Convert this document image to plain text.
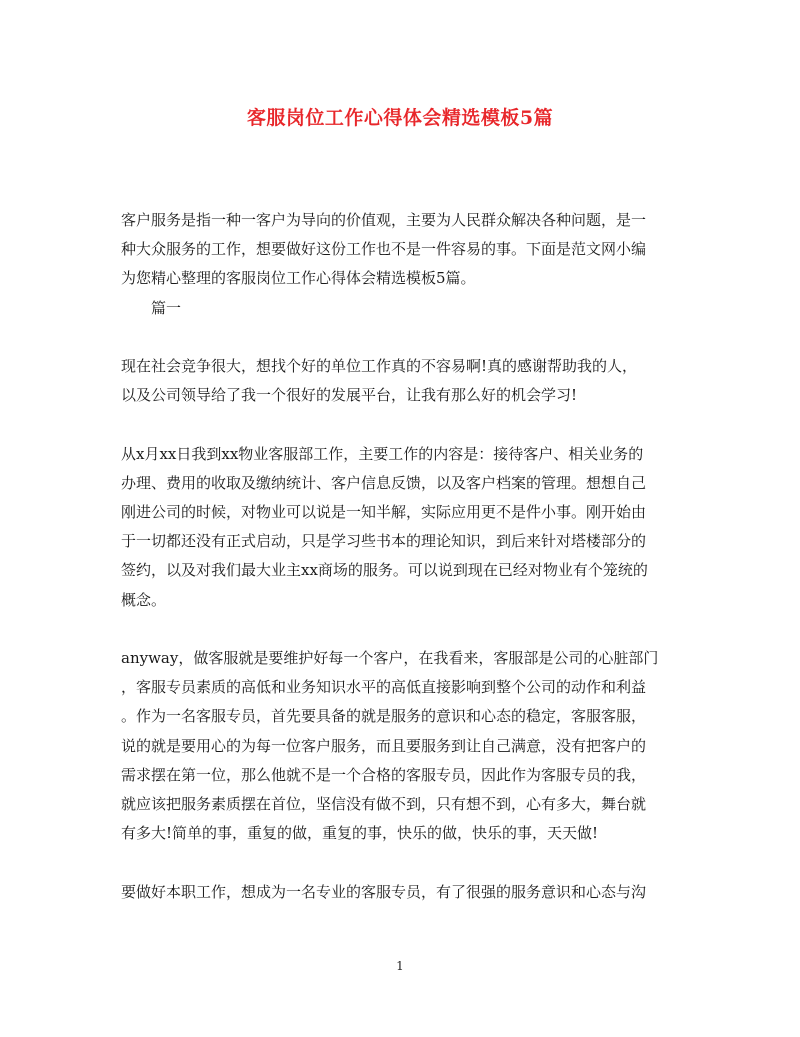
客服岗位工作心得体会精选模板5篇

客户服务是指一种一客户为导向的价值观，主要为人民群众解决各种问题，是一
种大众服务的工作，想要做好这份工作也不是一件容易的事。下面是范文网小编
为您精心整理的客服岗位工作心得体会精选模板5篇。

篇一

现在社会竞争很大，想找个好的单位工作真的不容易啊!真的感谢帮助我的人，
以及公司领导给了我一个很好的发展平台，让我有那么好的机会学习!

从x月xx日我到xx物业客服部工作，主要工作的内容是：接待客户、相关业务的
办理、费用的收取及缴纳统计、客户信息反馈，以及客户档案的管理。想想自己
刚进公司的时候，对物业可以说是一知半解，实际应用更不是件小事。刚开始由
于一切都还没有正式启动，只是学习些书本的理论知识，到后来针对塔楼部分的
签约，以及对我们最大业主xx商场的服务。可以说到现在已经对物业有个笼统的
概念。

anyway，做客服就是要维护好每一个客户，在我看来，客服部是公司的心脏部门
，客服专员素质的高低和业务知识水平的高低直接影响到整个公司的动作和利益
。作为一名客服专员，首先要具备的就是服务的意识和心态的稳定，客服客服，
说的就是要用心的为每一位客户服务，而且要服务到让自己满意，没有把客户的
需求摆在第一位，那么他就不是一个合格的客服专员，因此作为客服专员的我，
就应该把服务素质摆在首位，坚信没有做不到，只有想不到，心有多大，舞台就
有多大!简单的事，重复的做，重复的事，快乐的做，快乐的事，天天做!

要做好本职工作，想成为一名专业的客服专员，有了很强的服务意识和心态与沟

1
